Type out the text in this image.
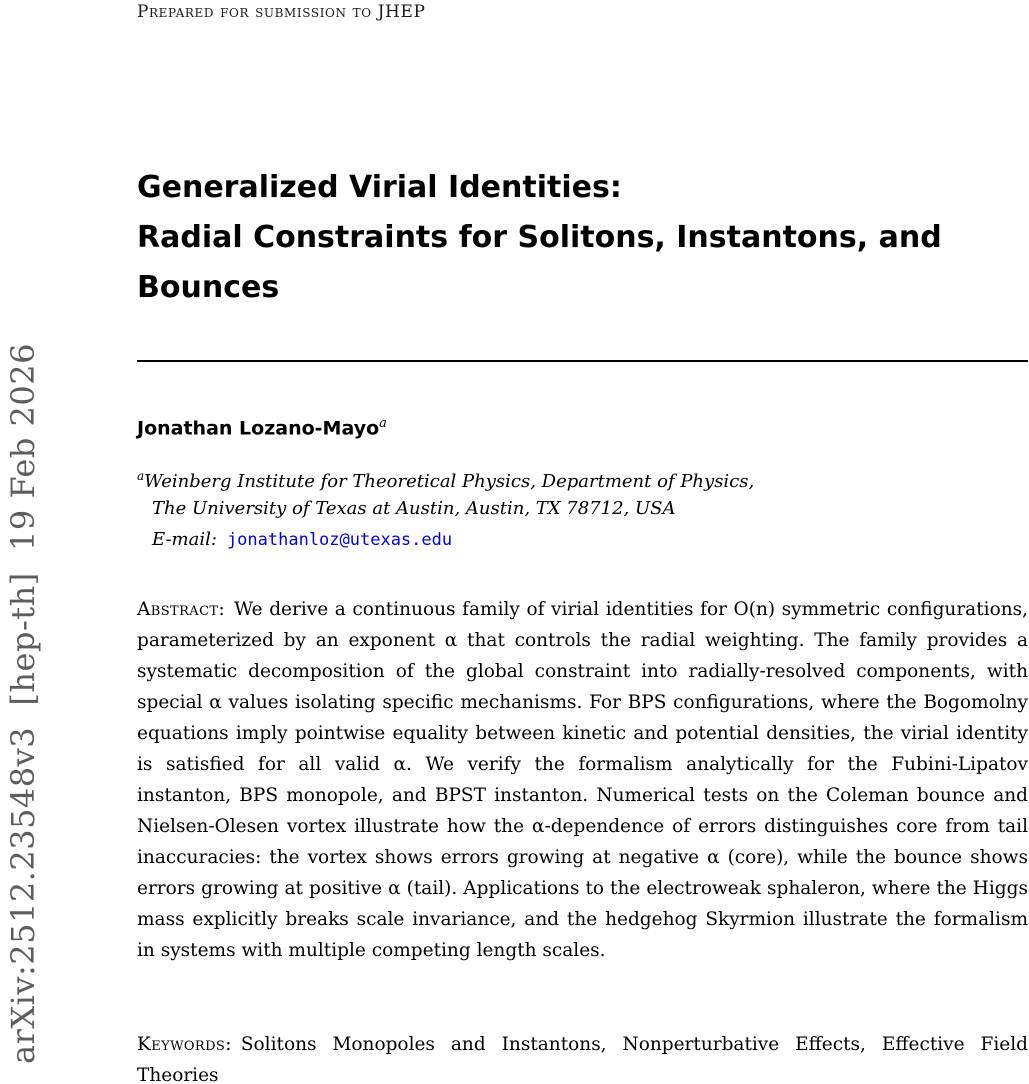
Prepared for submission to JHEP
arXiv:2512.23548v3  [hep-th]  19 Feb 2026
Generalized Virial Identities:
Radial Constraints for Solitons, Instantons, and
Bounces
Jonathan Lozano-Mayo$^a$
$^a$Weinberg Institute for Theoretical Physics, Department of Physics,
The University of Texas at Austin, Austin, TX 78712, USA
E-mail: jonathanloz@utexas.edu

Abstract: We derive a continuous family of virial identities for O(n) symmetric configurations, parameterized by an exponent α that controls the radial weighting. The family provides a systematic decomposition of the global constraint into radially-resolved components, with special α values isolating specific mechanisms. For BPS configurations, where the Bogomolny equations imply pointwise equality between kinetic and potential densities, the virial identity is satisfied for all valid α. We verify the formalism analytically for the Fubini-Lipatov instanton, BPS monopole, and BPST instanton. Numerical tests on the Coleman bounce and Nielsen-Olesen vortex illustrate how the α-dependence of errors distinguishes core from tail inaccuracies: the vortex shows errors growing at negative α (core), while the bounce shows errors growing at positive α (tail). Applications to the electroweak sphaleron, where the Higgs mass explicitly breaks scale invariance, and the hedgehog Skyrmion illustrate the formalism in systems with multiple competing length scales.

Keywords: Solitons Monopoles and Instantons, Nonperturbative Effects, Effective Field Theories
